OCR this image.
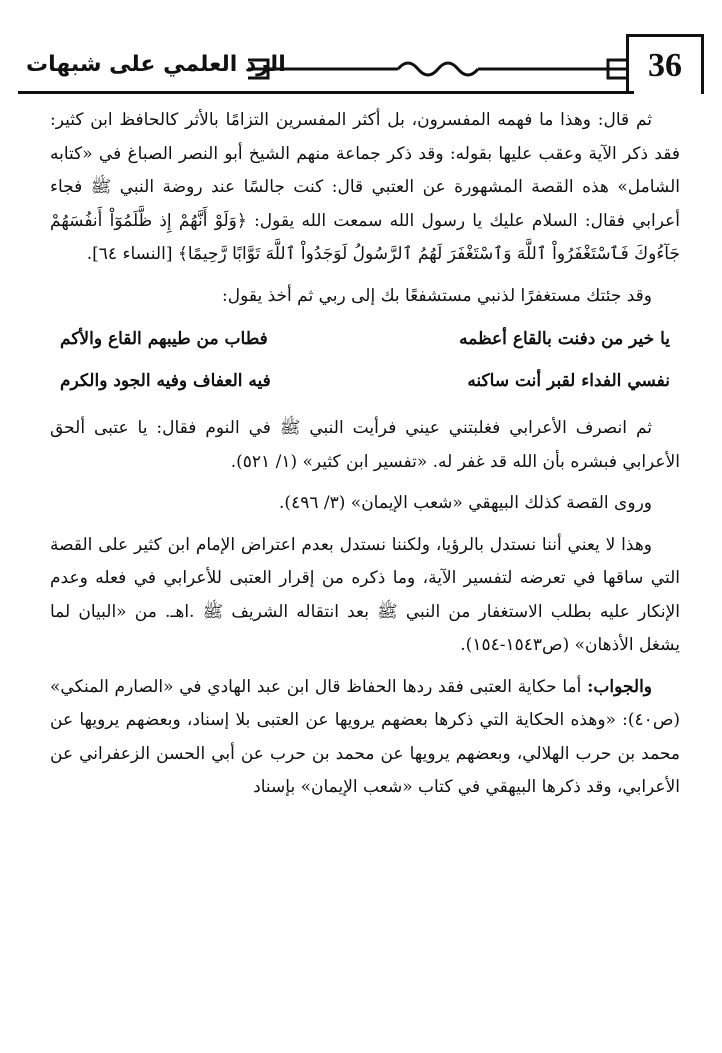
36
الرد العلمي على شبهات

ثم قال: وهذا ما فهمه المفسرون، بل أكثر المفسرين التزامًا بالأثر كالحافظ ابن كثير: فقد ذكر الآية وعقب عليها بقوله: وقد ذكر جماعة منهم الشيخ أبو النصر الصباغ في «كتابه الشامل» هذه القصة المشهورة عن العتبي قال: كنت جالسًا عند روضة النبي ﷺ فجاء أعرابي فقال: السلام عليك يا رسول الله سمعت الله يقول: ﴿وَلَوْ أَنَّهُمْ إِذ ظَّلَمُوٓاْ أَنفُسَهُمْ جَآءُوكَ فَٱسْتَغْفَرُواْ ٱللَّهَ وَٱسْتَغْفَرَ لَهُمُ ٱلرَّسُولُ لَوَجَدُواْ ٱللَّهَ تَوَّابًا رَّحِيمًا﴾ [النساء ٦٤].

وقد جئتك مستغفرًا لذنبي مستشفعًا بك إلى ربي ثم أخذ يقول:

يا خير من دفنت بالقاع أعظمه
فطاب من طيبهم القاع والأكم
نفسي الفداء لقبر أنت ساكنه
فيه العفاف وفيه الجود والكرم

ثم انصرف الأعرابي فغلبتني عيني فرأيت النبي ﷺ في النوم فقال: يا عتبى ألحق الأعرابي فبشره بأن الله قد غفر له. «تفسير ابن كثير» (١/ ٥٢١).

وروى القصة كذلك البيهقي «شعب الإيمان» (٣/ ٤٩٦).

وهذا لا يعني أننا نستدل بالرؤيا، ولكننا نستدل بعدم اعتراض الإمام ابن كثير على القصة التي ساقها في تعرضه لتفسير الآية، وما ذكره من إقرار العتبى للأعرابي في فعله وعدم الإنكار عليه بطلب الاستغفار من النبي ﷺ بعد انتقاله الشريف ﷺ .اهـ. من «البيان لما يشغل الأذهان» (ص١٥٤٣-١٥٤).

والجواب: أما حكاية العتبى فقد ردها الحفاظ قال ابن عبد الهادي في «الصارم المنكي» (ص٤٠): «وهذه الحكاية التي ذكرها بعضهم يرويها عن العتبى بلا إسناد، وبعضهم يرويها عن محمد بن حرب الهلالي، وبعضهم يرويها عن محمد بن حرب عن أبي الحسن الزعفراني عن الأعرابي، وقد ذكرها البيهقي في كتاب «شعب الإيمان» بإسناد
